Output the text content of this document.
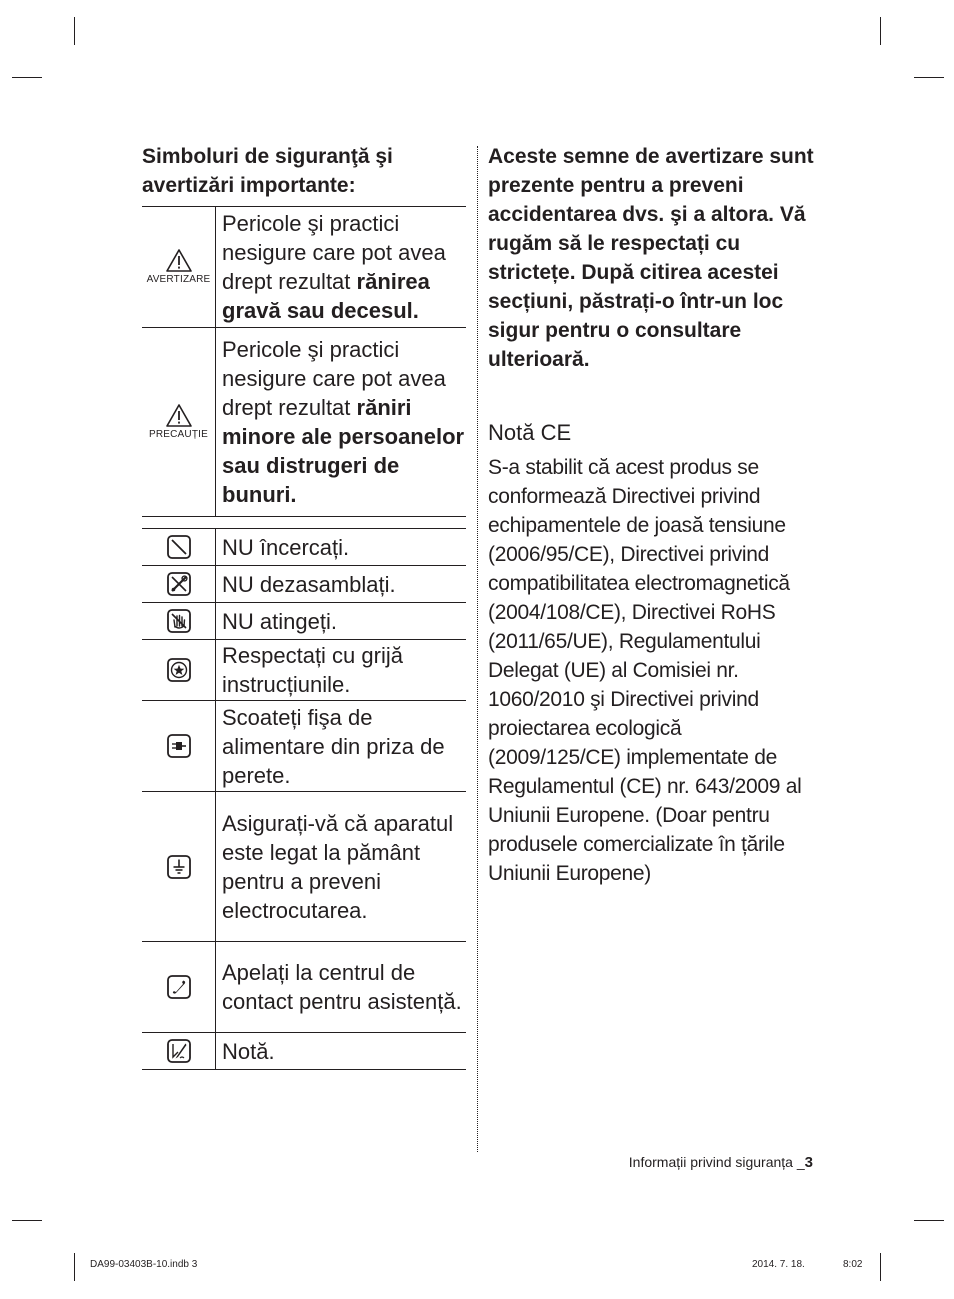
Simboluri de siguranţă şi avertizări importante:
AVERTIZARE	Pericole şi practici nesigure care pot avea drept rezultat rănirea gravă sau decesul.

PRECAUȚIE	Pericole şi practici nesigure care pot avea drept rezultat răniri minore ale persoanelor sau distrugeri de bunuri.

	NU încercați.

	NU dezasamblați.

	NU atingeți.

	Respectați cu grijă instrucțiunile.

	Scoateți fişa de alimentare din priza de perete.

	Asigurați-vă că aparatul este legat la pământ pentru a preveni electrocutarea.

	Apelați la centrul de contact pentru asistență.

	Notă.

Aceste semne de avertizare sunt prezente pentru a preveni accidentarea dvs. şi a altora. Vă rugăm să le respectați cu strictețe. După citirea acestei secțiuni, păstrați-o într-un loc sigur pentru o consultare ulterioară.

Notă CE

S-a stabilit că acest produs se conformează Directivei privind echipamentele de joasă tensiune (2006/95/CE), Directivei privind compatibilitatea electromagnetică (2004/108/CE), Directivei RoHS (2011/65/UE), Regulamentului Delegat (UE) al Comisiei nr. 1060/2010 şi Directivei privind proiectarea ecologică (2009/125/CE) implementate de Regulamentul (CE) nr. 643/2009 al Uniunii Europene. (Doar pentru produsele comercializate în țările Uniunii Europene)

Informații privind siguranța _3
DA99-03403B-10.indb 3	2014. 7. 18.	8:02
